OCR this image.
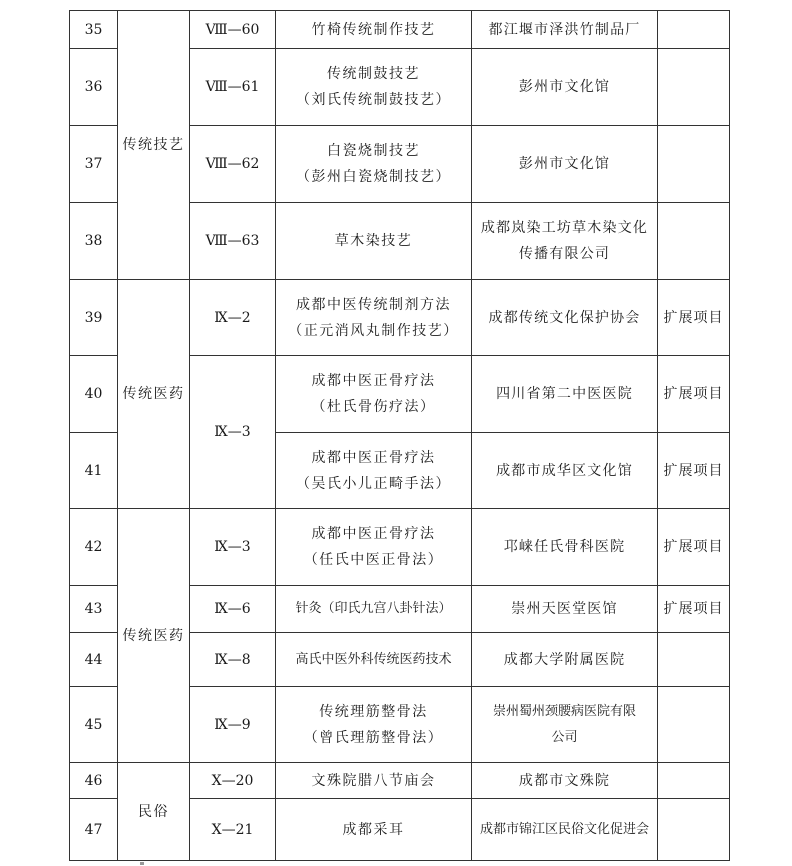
35	传统技艺	Ⅷ—60	竹椅传统制作技艺	都江堰市泽洪竹制品厂	

36		Ⅷ—61	传统制鼓技艺
（刘氏传统制鼓技艺）	彭州市文化馆	

37		Ⅷ—62	白瓷烧制技艺
（彭州白瓷烧制技艺）	彭州市文化馆	

38		Ⅷ—63	草木染技艺	成都岚染工坊草木染文化
传播有限公司	

39	传统医药	Ⅸ—2	成都中医传统制剂方法
（正元消风丸制作技艺）	成都传统文化保护协会	扩展项目
40		Ⅸ—3	成都中医正骨疗法
（杜氏骨伤疗法）	四川省第二中医医院	扩展项目
41			成都中医正骨疗法
（吴氏小儿正畸手法）	成都市成华区文化馆	扩展项目
42	传统医药	Ⅸ—3	成都中医正骨疗法
（任氏中医正骨法）	邛崃任氏骨科医院	扩展项目
43		Ⅸ—6	针灸（印氏九宫八卦针法）	崇州天医堂医馆	扩展项目
44		Ⅸ—8	高氏中医外科传统医药技术	成都大学附属医院	

45		Ⅸ—9	传统理筋整骨法
（曾氏理筋整骨法）	崇州蜀州颈腰病医院有限
公司	

46	民俗	Ⅹ—20	文殊院腊八节庙会	成都市文殊院	

47		Ⅹ—21	成都采耳	成都市锦江区民俗文化促进会	
